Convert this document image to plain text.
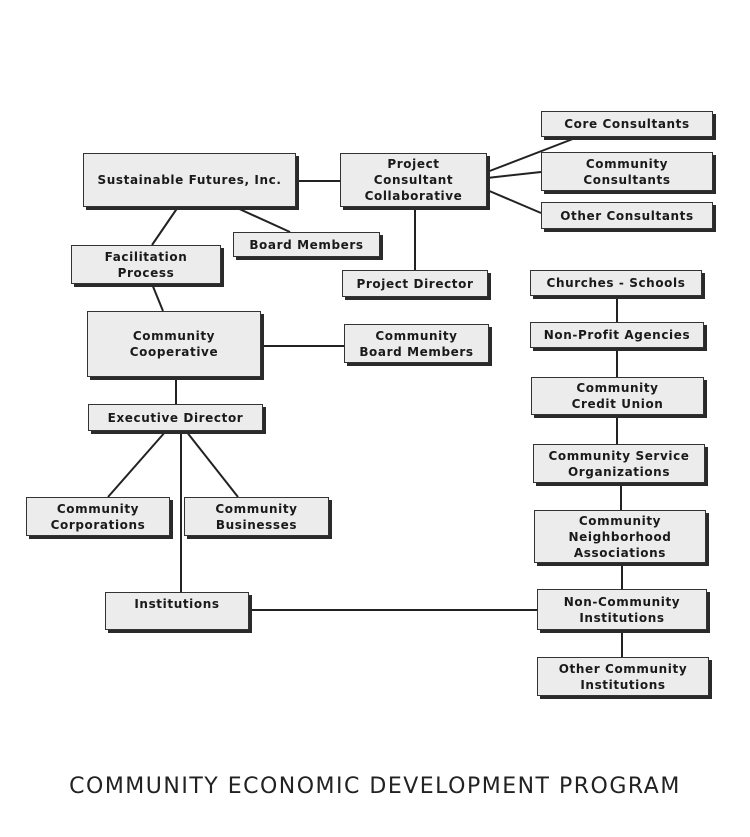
Sustainable Futures, Inc.
Project
Consultant
Collaborative
Core Consultants
Community
Consultants
Other Consultants
Facilitation
Process
Board Members
Project Director	Churches - Schools
Community
Cooperative
Community
Board Members
Non-Profit Agencies
Community
Credit Union
Executive Director
Community Service
Organizations
Community
Corporations
Community
Businesses	Community
Neighborhood
Associations
Institutions	Non-Community
Institutions
Other Community
Institutions
COMMUNITY ECONOMIC DEVELOPMENT PROGRAM
